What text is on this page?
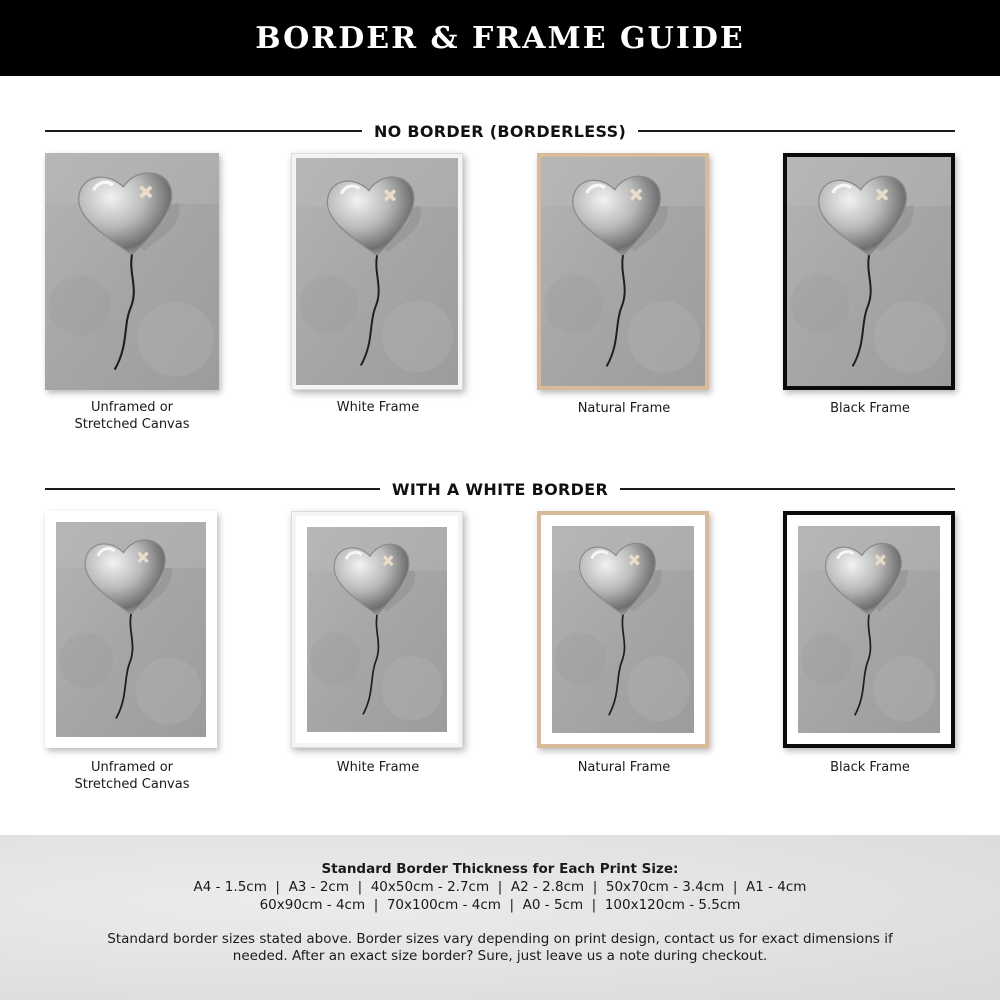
BORDER & FRAME GUIDE
NO BORDER (BORDERLESS)
WITH A WHITE BORDER
Unframed or
Stretched Canvas
White Frame	Natural Frame	Black Frame
Unframed or
Stretched Canvas
White Frame	Natural Frame	Black Frame
Standard Border Thickness for Each Print Size:
A4 - 1.5cm  |  A3 - 2cm  |  40x50cm - 2.7cm  |  A2 - 2.8cm  |  50x70cm - 3.4cm  |  A1 - 4cm
60x90cm - 4cm  |  70x100cm - 4cm  |  A0 - 5cm  |  100x120cm - 5.5cm
Standard border sizes stated above. Border sizes vary depending on print design, contact us for exact dimensions if needed. After an exact size border? Sure, just leave us a note during checkout.
